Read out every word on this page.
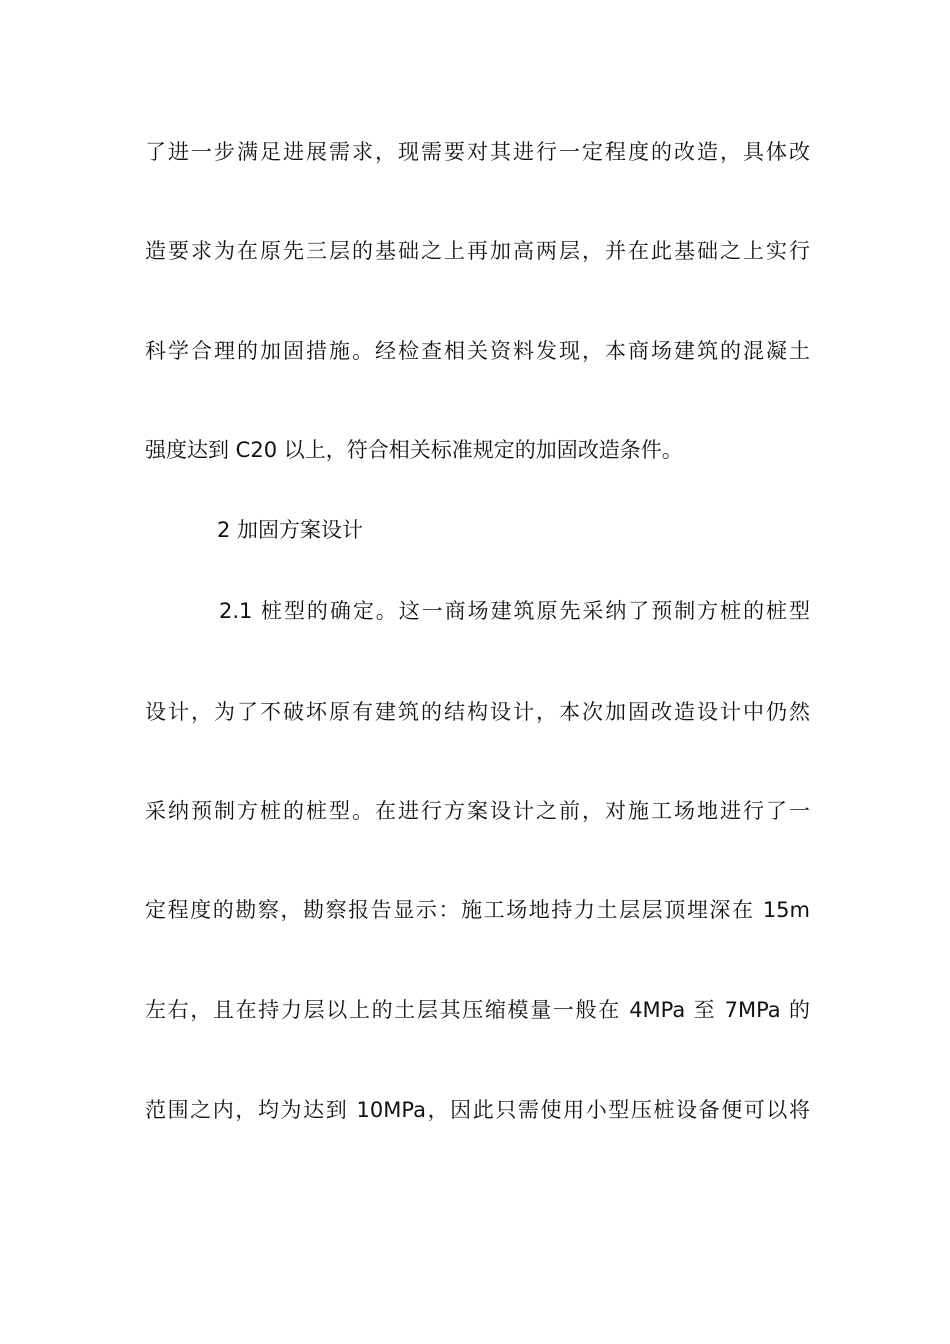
了进一步满足进展需求，现需要对其进行一定程度的改造，具体改
造要求为在原先三层的基础之上再加高两层，并在此基础之上实行
科学合理的加固措施。经检查相关资料发现，本商场建筑的混凝土
强度达到 C20 以上，符合相关标准规定的加固改造条件。
2 加固方案设计
2.1 桩型的确定。这一商场建筑原先采纳了预制方桩的桩型
设计，为了不破坏原有建筑的结构设计，本次加固改造设计中仍然
采纳预制方桩的桩型。在进行方案设计之前，对施工场地进行了一
定程度的勘察，勘察报告显示：施工场地持力土层层顶埋深在 15m
左右，且在持力层以上的土层其压缩模量一般在 4MPa 至 7MPa 的
范围之内，均为达到 10MPa，因此只需使用小型压桩设备便可以将
